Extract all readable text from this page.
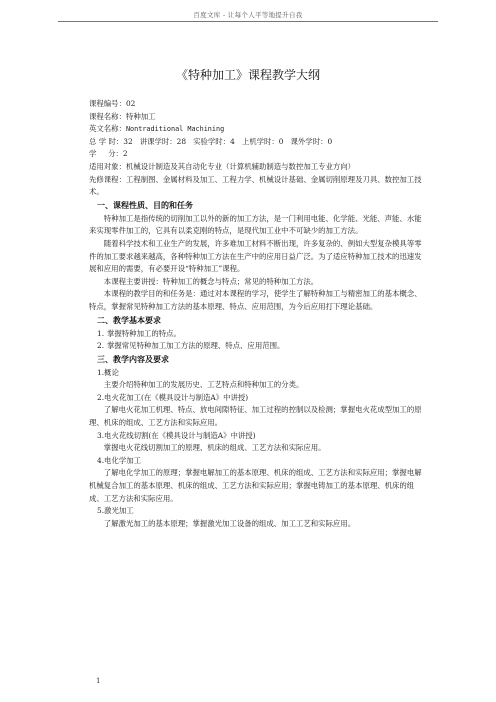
百度文库 - 让每个人平等地提升自我
《特种加工》课程教学大纲

课程编号：02

课程名称：特种加工

英文名称：Nontraditional Machining

总 学 时：32   讲课学时：28   实验学时：4   上机学时：0   课外学时：0

学     分：2

适用对象：机械设计制造及其自动化专业（计算机辅助制造与数控加工专业方向）

先修课程：工程制图、金属材料及加工、工程力学、机械设计基础、金属切削原理及刀具、数控加工技术。

一、课程性质、目的和任务

特种加工是指传统的切削加工以外的新的加工方法，是一门利用电能、化学能、光能、声能、水能来实现零件加工的，它具有以柔克刚的特点，是现代加工业中不可缺少的加工方法。

随着科学技术和工业生产的发展，许多难加工材料不断出现，许多复杂的、例如大型复杂模具等零件的加工要求越来越高，各种特种加工方法在生产中的应用日益广泛。为了适应特种加工技术的迅速发展和应用的需要，有必要开设“特种加工”课程。

本课程主要讲授：特种加工的概念与特点；常见的特种加工方法。

本课程的教学目的和任务是：通过对本课程的学习，使学生了解特种加工与精密加工的基本概念、特点，掌握常见特种加工方法的基本原理、特点、应用范围，为今后应用打下理论基础。

二、教学基本要求

1. 掌握特种加工的特点。

2. 掌握常见特种加工加工方法的原理、特点、应用范围。

三、教学内容及要求

1.概论

主要介绍特种加工的发展历史、工艺特点和特种加工的分类。

2.电火花加工(在《模具设计与制造A》中讲授)

了解电火花加工机理、特点、放电间隙特征、加工过程的控制以及检测；掌握电火花成型加工的原理、机床的组成、工艺方法和实际应用。

3.电火花线切割(在《模具设计与制造A》中讲授)

掌握电火花线切割加工的原理、机床的组成、工艺方法和实际应用。

4.电化学加工

了解电化学加工的原理；掌握电解加工的基本原理、机床的组成、工艺方法和实际应用；掌握电解机械复合加工的基本原理、机床的组成、工艺方法和实际应用；掌握电铸加工的基本原理、机床的组成、工艺方法和实际应用。

5.激光加工

了解激光加工的基本原理；掌握激光加工设备的组成、加工工艺和实际应用。

1
